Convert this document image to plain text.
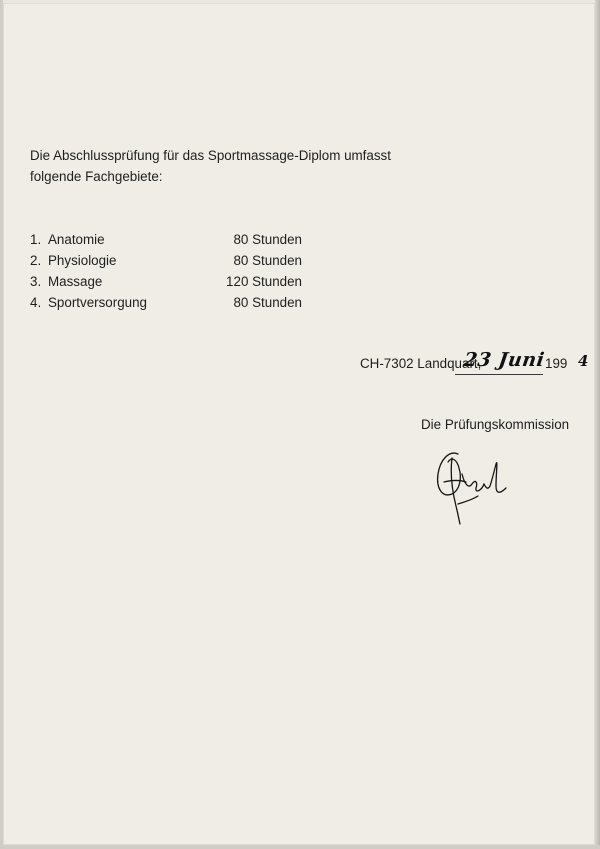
Die Abschlussprüfung für das Sportmassage-Diplom umfasst
folgende Fachgebiete:

1. Anatomie	80 Stunden
2. Physiologie	80 Stunden
3. Massage	120 Stunden
4. Sportversorgung	80 Stunden
CH-7302 Landquart,
23 Juni 199 4
Die Prüfungskommission
